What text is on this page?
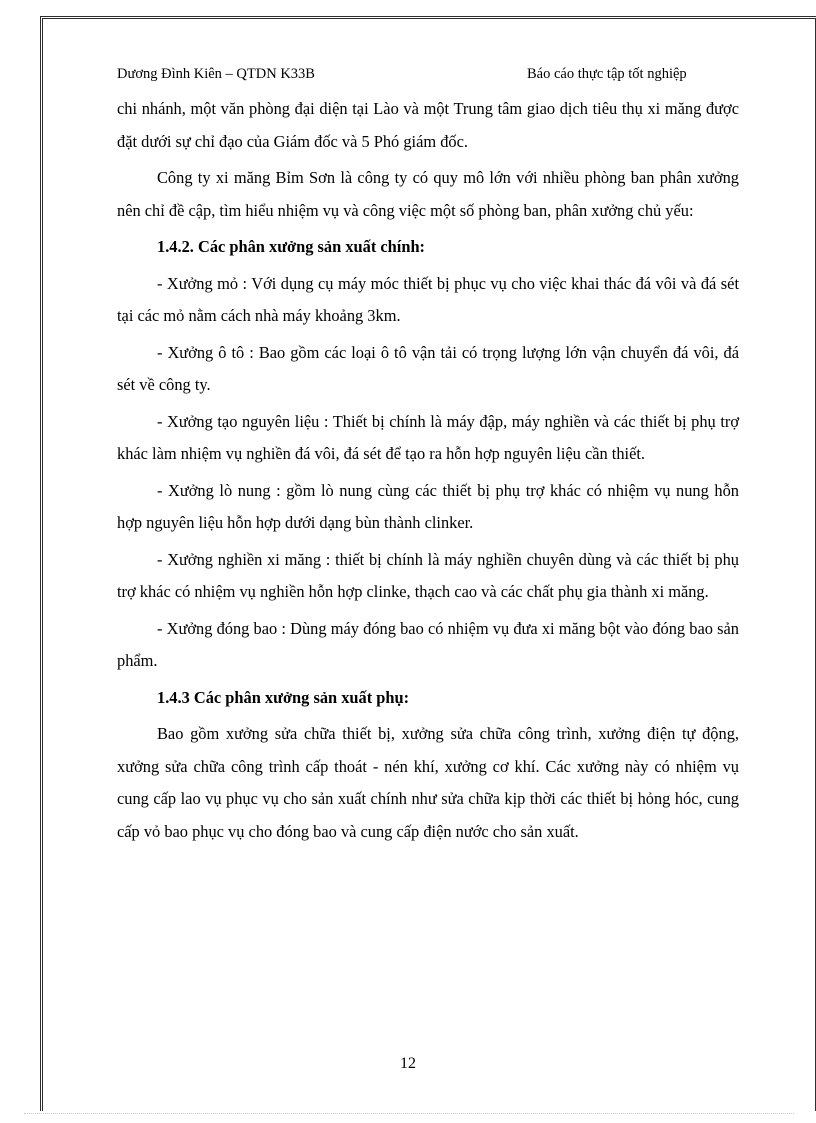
Dương Đình Kiên – QTDN K33B	Báo cáo thực tập tốt nghiệp

chi nhánh, một văn phòng đại diện tại Lào và một Trung tâm giao dịch tiêu thụ xi măng được đặt dưới sự chỉ đạo của Giám đốc và 5 Phó giám đốc.

Công ty xi măng Bỉm Sơn là công ty có quy mô lớn với nhiều phòng ban phân xưởng nên chỉ đề cập, tìm hiểu nhiệm vụ và công việc một số phòng ban, phân xưởng chủ yếu:

1.4.2. Các phân xưởng sản xuất chính:

- Xưởng mỏ : Với dụng cụ máy móc thiết bị phục vụ cho việc khai thác đá vôi và đá sét tại các mỏ nằm cách nhà máy khoảng 3km.

- Xưởng ô tô : Bao gồm các loại ô tô vận tải có trọng lượng lớn vận chuyển đá vôi, đá sét về công ty.

- Xưởng tạo nguyên liệu : Thiết bị chính là máy đập, máy nghiền và các thiết bị phụ trợ khác làm nhiệm vụ nghiền đá vôi, đá sét để tạo ra hỗn hợp nguyên liệu cần thiết.

- Xưởng lò nung : gồm lò nung cùng các thiết bị phụ trợ khác có nhiệm vụ nung hỗn hợp nguyên liệu hỗn hợp dưới dạng bùn thành clinker.

- Xưởng nghiền xi măng : thiết bị chính là máy nghiền chuyên dùng và các thiết bị phụ trợ khác có nhiệm vụ nghiền hỗn hợp clinke, thạch cao và các chất phụ gia thành xi măng.

- Xưởng đóng bao : Dùng máy đóng bao có nhiệm vụ đưa xi măng bột vào đóng bao sản phẩm.

1.4.3 Các phân xưởng sản xuất phụ:

Bao gồm xưởng sửa chữa thiết bị, xưởng sửa chữa công trình, xưởng điện tự động, xưởng sửa chữa công trình cấp thoát - nén khí, xưởng cơ khí. Các xưởng này có nhiệm vụ cung cấp lao vụ phục vụ cho sản xuất chính như sửa chữa kịp thời các thiết bị hỏng hóc, cung cấp vỏ bao phục vụ cho đóng bao và cung cấp điện nước cho sản xuất.

12
